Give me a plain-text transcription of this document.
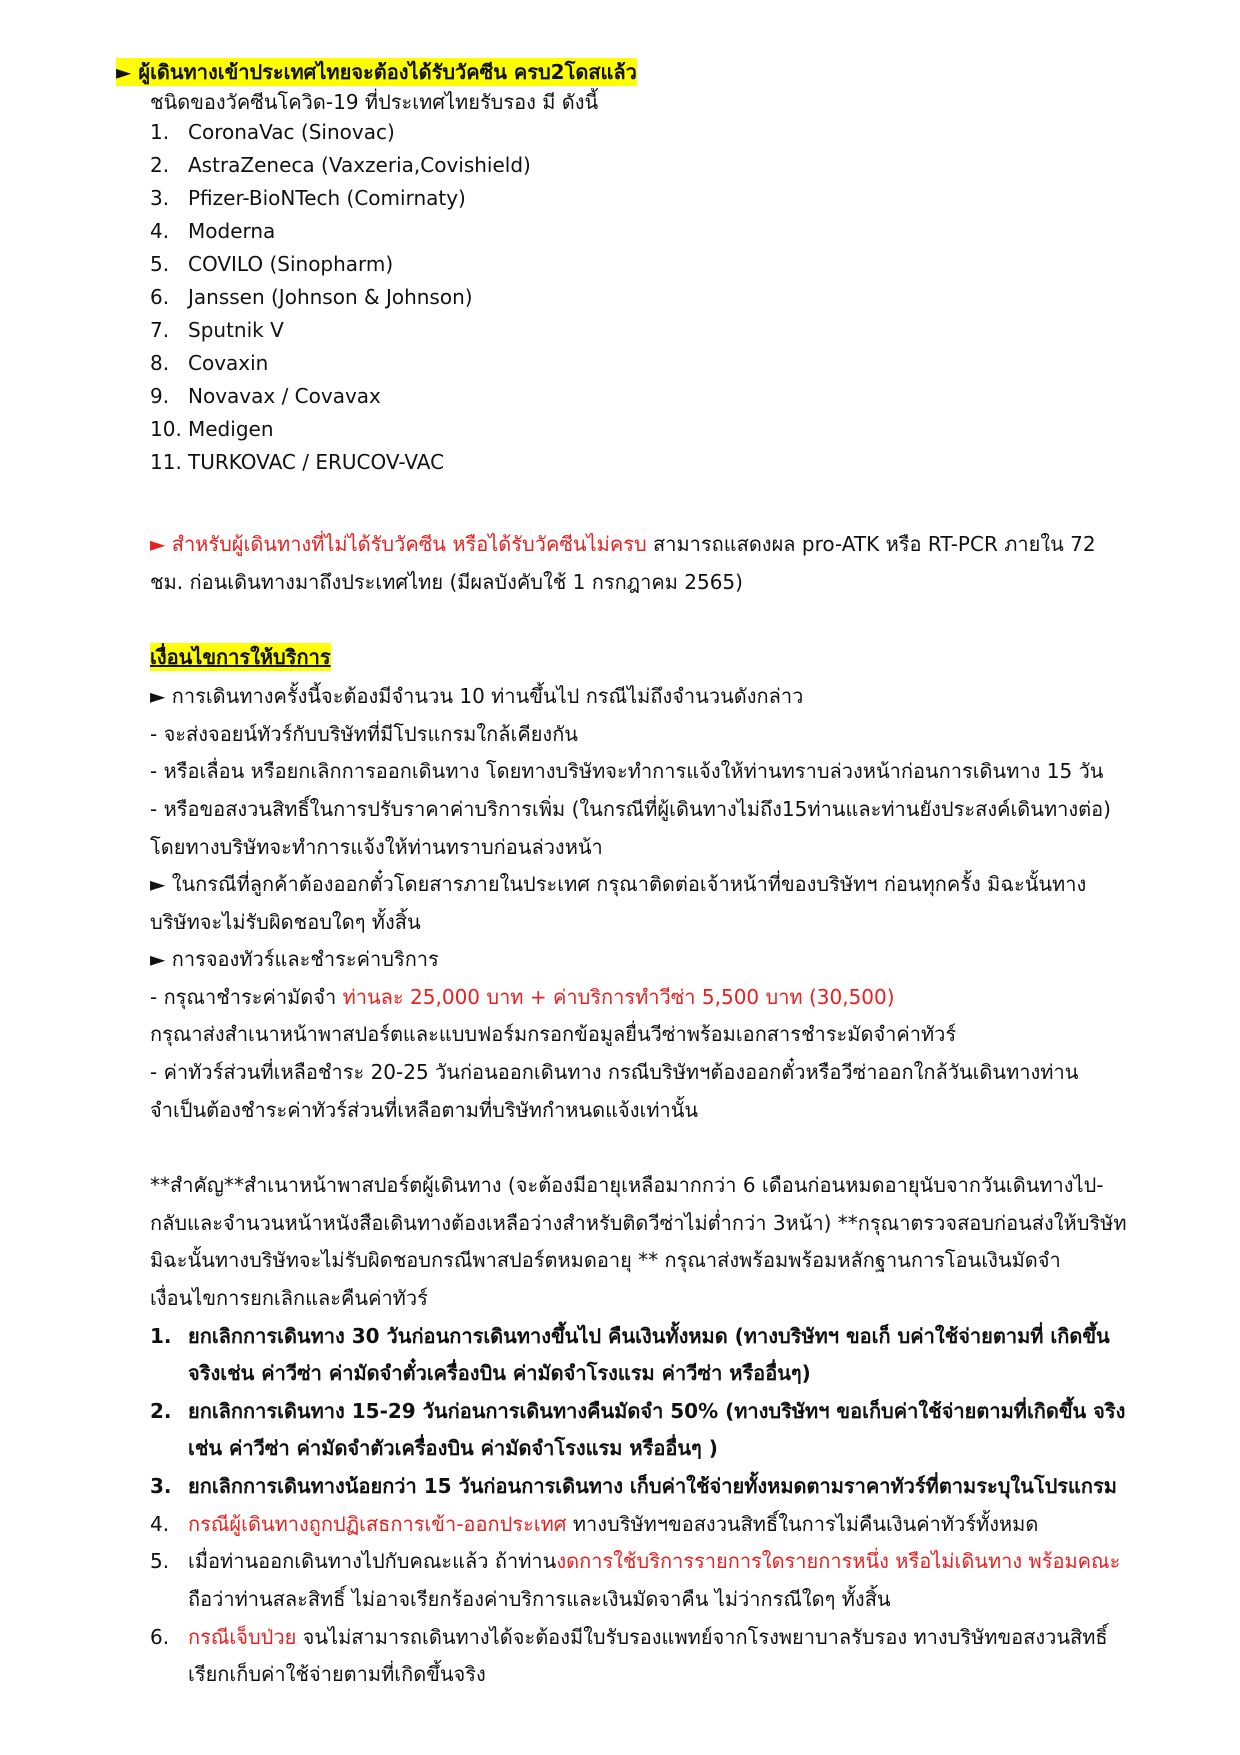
► ผู้เดินทางเข้าประเทศไทยจะต้องได้รับวัคซีน ครบ2โดสแล้ว
ชนิดของวัคซีนโควิด-19 ที่ประเทศไทยรับรอง มี ดังนี้
1. CoronaVac (Sinovac)
2. AstraZeneca (Vaxzeria,Covishield)
3. Pfizer-BioNTech (Comirnaty)
4. Moderna
5. COVILO (Sinopharm)
6. Janssen (Johnson & Johnson)
7. Sputnik V
8. Covaxin
9. Novavax / Covavax
10. Medigen
11. TURKOVAC / ERUCOV-VAC
► สำหรับผู้เดินทางที่ไม่ได้รับวัคซีน หรือได้รับวัคซีนไม่ครบ สามารถแสดงผล pro-ATK หรือ RT-PCR ภายใน 72
ชม. ก่อนเดินทางมาถึงประเทศไทย (มีผลบังคับใช้ 1 กรกฎาคม 2565)
เงื่อนไขการให้บริการ
► การเดินทางครั้งนี้จะต้องมีจำนวน 10 ท่านขึ้นไป กรณีไม่ถึงจำนวนดังกล่าว
- จะส่งจอยน์ทัวร์กับบริษัทที่มีโปรแกรมใกล้เคียงกัน
- หรือเลื่อน หรือยกเลิกการออกเดินทาง โดยทางบริษัทจะทำการแจ้งให้ท่านทราบล่วงหน้าก่อนการเดินทาง 15 วัน
- หรือขอสงวนสิทธิ์ในการปรับราคาค่าบริการเพิ่ม (ในกรณีที่ผู้เดินทางไม่ถึง15ท่านและท่านยังประสงค์เดินทางต่อ)
โดยทางบริษัทจะทำการแจ้งให้ท่านทราบก่อนล่วงหน้า
► ในกรณีที่ลูกค้าต้องออกตั๋วโดยสารภายในประเทศ กรุณาติดต่อเจ้าหน้าที่ของบริษัทฯ ก่อนทุกครั้ง มิฉะนั้นทาง
บริษัทจะไม่รับผิดชอบใดๆ ทั้งสิ้น
► การจองทัวร์และชำระค่าบริการ
- กรุณาชำระค่ามัดจำ ท่านละ 25,000 บาท + ค่าบริการทำวีซ่า 5,500 บาท (30,500)
กรุณาส่งสำเนาหน้าพาสปอร์ตและแบบฟอร์มกรอกข้อมูลยื่นวีซ่าพร้อมเอกสารชำระมัดจำค่าทัวร์
- ค่าทัวร์ส่วนที่เหลือชำระ 20-25 วันก่อนออกเดินทาง กรณีบริษัทฯต้องออกตั๋วหรือวีซ่าออกใกล้วันเดินทางท่าน
จำเป็นต้องชำระค่าทัวร์ส่วนที่เหลือตามที่บริษัทกำหนดแจ้งเท่านั้น
**สำคัญ**สำเนาหน้าพาสปอร์ตผู้เดินทาง (จะต้องมีอายุเหลือมากกว่า 6 เดือนก่อนหมดอายุนับจากวันเดินทางไป-
กลับและจำนวนหน้าหนังสือเดินทางต้องเหลือว่างสำหรับติดวีซ่าไม่ต่ำกว่า 3หน้า) **กรุณาตรวจสอบก่อนส่งให้บริษัท
มิฉะนั้นทางบริษัทจะไม่รับผิดชอบกรณีพาสปอร์ตหมดอายุ ** กรุณาส่งพร้อมพร้อมหลักฐานการโอนเงินมัดจำ
เงื่อนไขการยกเลิกและคืนค่าทัวร์
1. ยกเลิกการเดินทาง 30 วันก่อนการเดินทางขึ้นไป คืนเงินทั้งหมด (ทางบริษัทฯ ขอเก็ บค่าใช้จ่ายตามที่ เกิดขึ้น
จริงเช่น ค่าวีซ่า ค่ามัดจำตั๋วเครื่องบิน ค่ามัดจำโรงแรม ค่าวีซ่า หรืออื่นๆ)
2. ยกเลิกการเดินทาง 15-29 วันก่อนการเดินทางคืนมัดจำ 50% (ทางบริษัทฯ ขอเก็บค่าใช้จ่ายตามที่เกิดขึ้น จริง
เช่น ค่าวีซ่า ค่ามัดจำตัวเครื่องบิน ค่ามัดจำโรงแรม หรืออื่นๆ )
3. ยกเลิกการเดินทางน้อยกว่า 15 วันก่อนการเดินทาง เก็บค่าใช้จ่ายทั้งหมดตามราคาทัวร์ที่ตามระบุในโปรแกรม
4. กรณีผู้เดินทางถูกปฏิเสธการเข้า-ออกประเทศ ทางบริษัทฯขอสงวนสิทธิ์ในการไม่คืนเงินค่าทัวร์ทั้งหมด
5. เมื่อท่านออกเดินทางไปกับคณะแล้ว ถ้าท่านงดการใช้บริการรายการใดรายการหนึ่ง หรือไม่เดินทาง พร้อมคณะ
ถือว่าท่านสละสิทธิ์ ไม่อาจเรียกร้องค่าบริการและเงินมัดจาคืน ไม่ว่ากรณีใดๆ ทั้งสิ้น
6. กรณีเจ็บป่วย จนไม่สามารถเดินทางได้จะต้องมีใบรับรองแพทย์จากโรงพยาบาลรับรอง ทางบริษัทขอสงวนสิทธิ์
เรียกเก็บค่าใช้จ่ายตามที่เกิดขึ้นจริง
